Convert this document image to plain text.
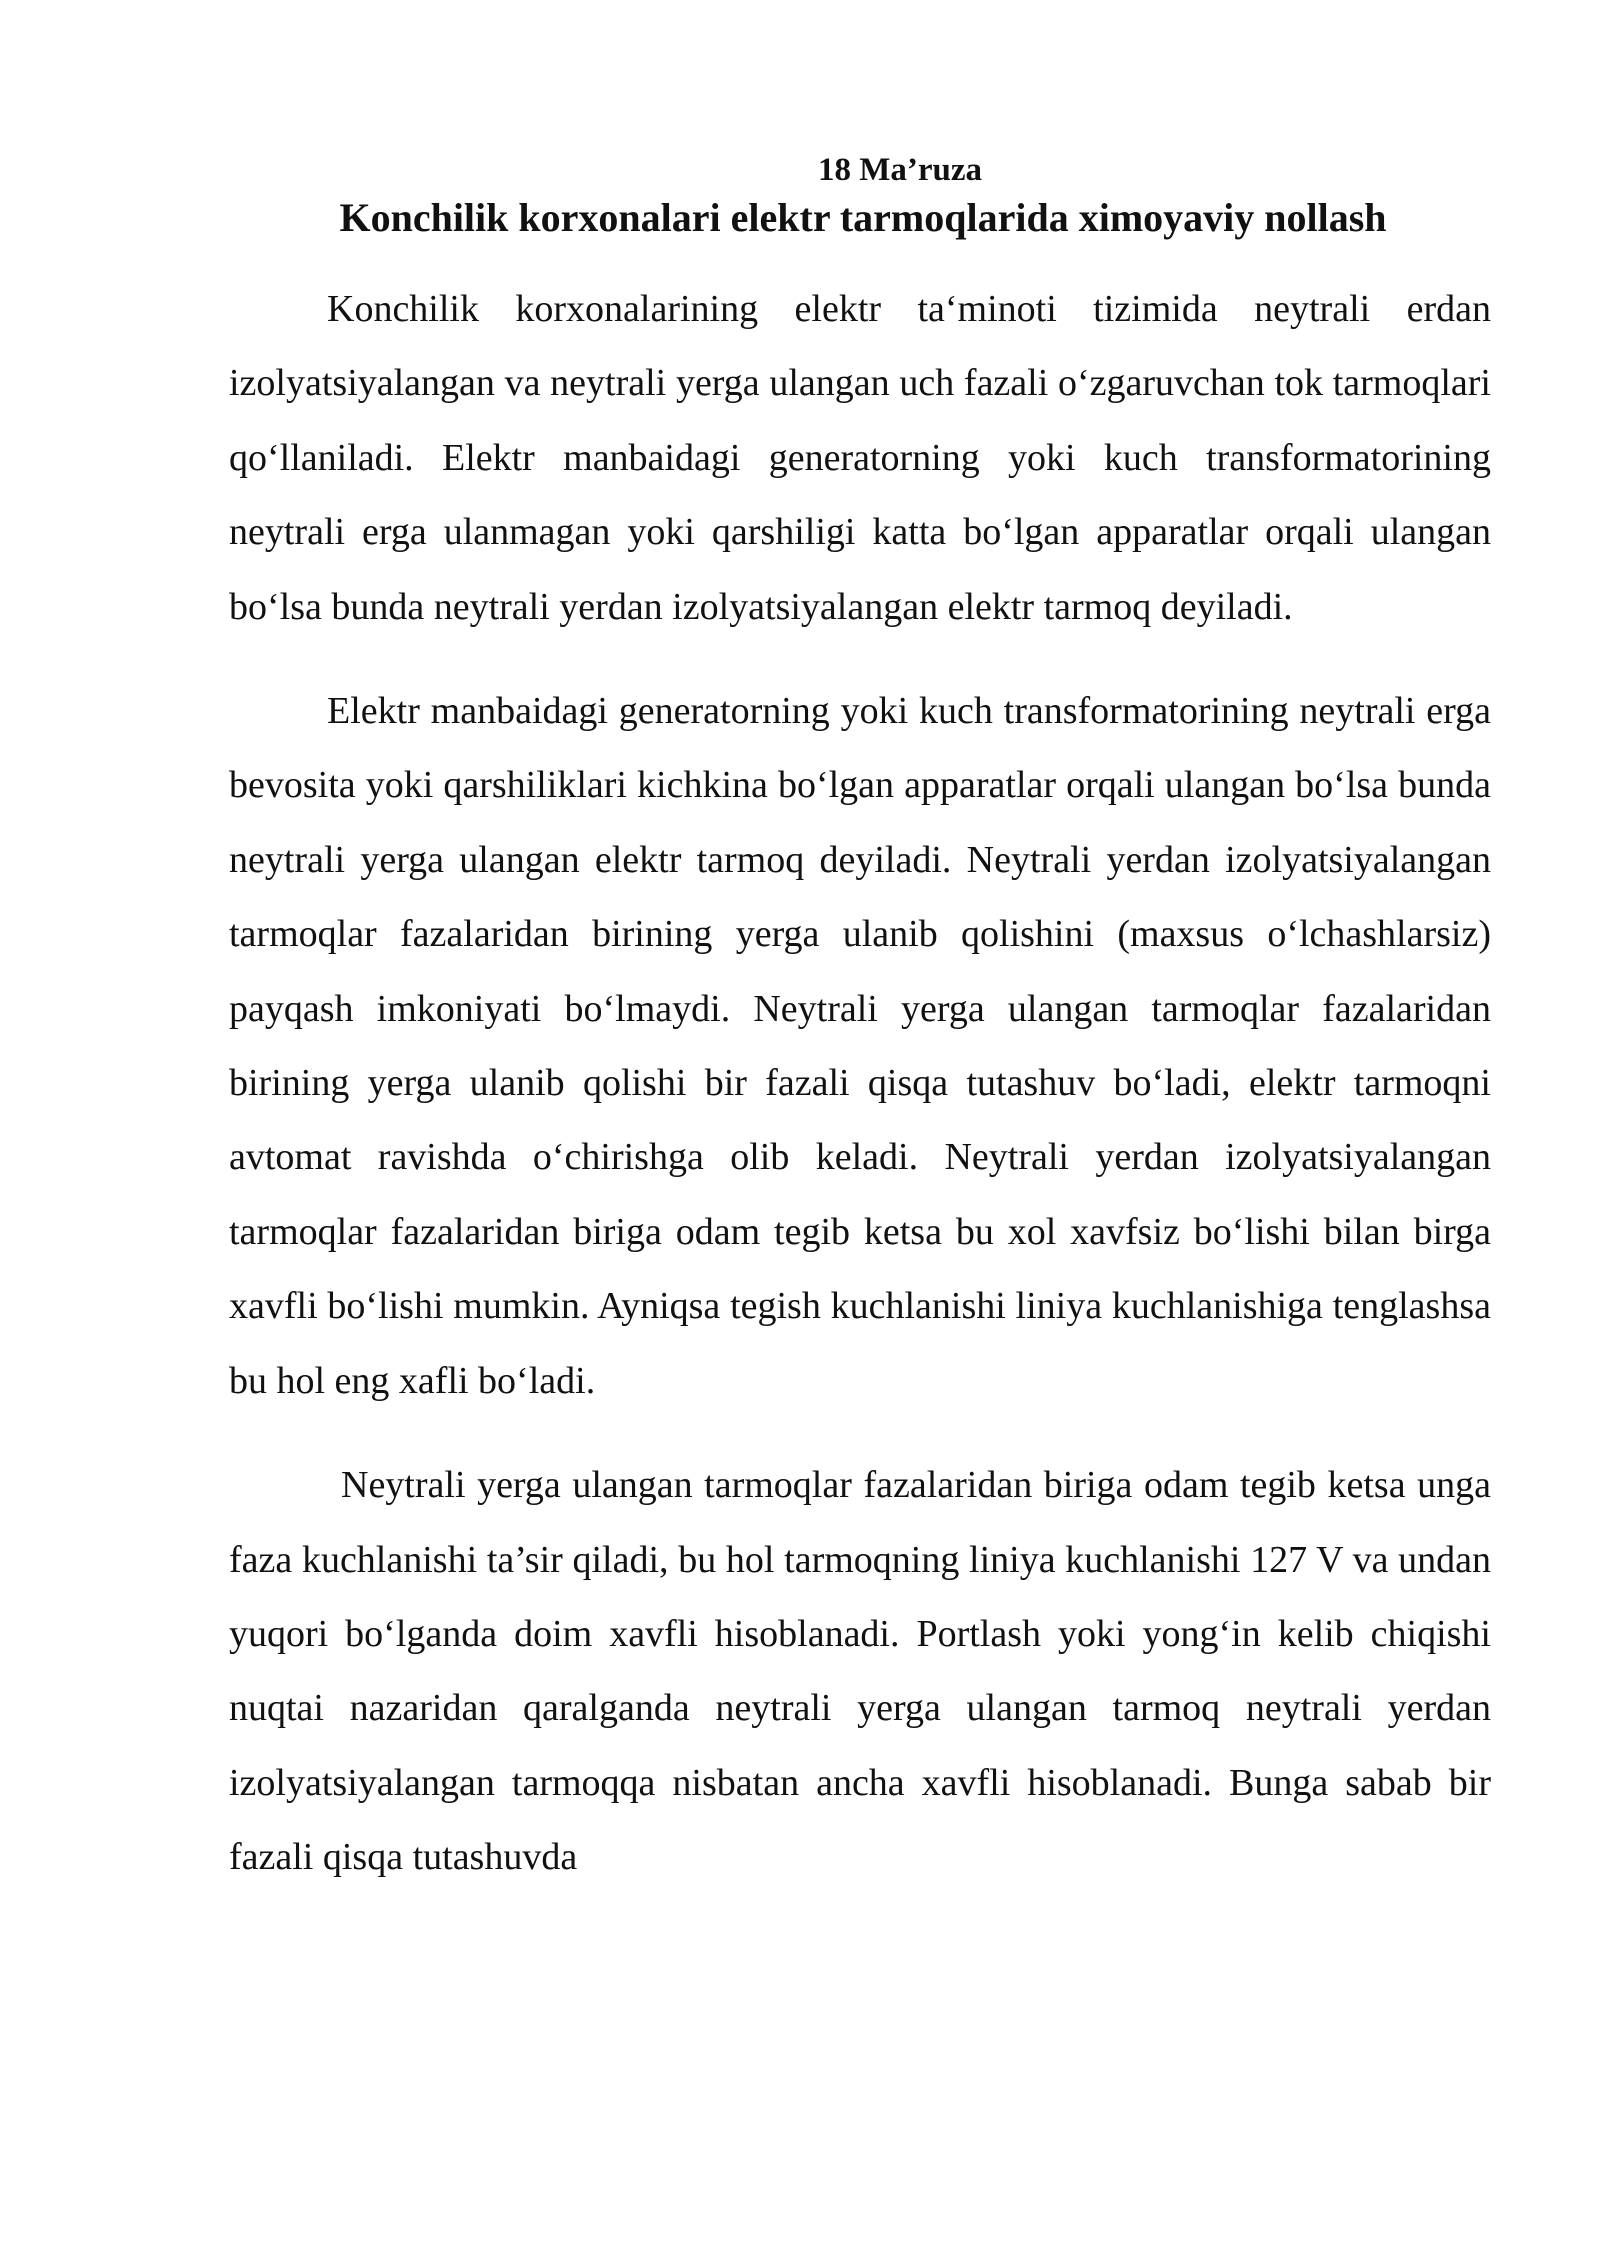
18 Ma’ruza

Konchilik korxonalari elektr tarmoqlarida ximoyaviy nollash

Konchilik korxonalarining elektr ta‘minoti tizimida neytrali erdan izolyatsiyalangan va neytrali yerga ulangan uch fazali o‘zgaruvchan tok tarmoqlari qo‘llaniladi. Elektr manbaidagi generatorning yoki kuch transformatorining neytrali erga ulanmagan yoki qarshiligi katta bo‘lgan apparatlar orqali ulangan bo‘lsa bunda neytrali yerdan izolyatsiyalangan elektr tarmoq deyiladi.

Elektr manbaidagi generatorning yoki kuch transformatorining neytrali erga bevosita yoki qarshiliklari kichkina bo‘lgan apparatlar orqali ulangan bo‘lsa bunda neytrali yerga ulangan elektr tarmoq deyiladi. Neytrali yerdan izolyatsiyalangan tarmoqlar fazalaridan birining yerga ulanib qolishini (maxsus o‘lchashlarsiz) payqash imkoniyati bo‘lmaydi. Neytrali yerga ulangan tarmoqlar fazalaridan birining yerga ulanib qolishi bir fazali qisqa tutashuv bo‘ladi, elektr tarmoqni avtomat ravishda o‘chirishga olib keladi. Neytrali yerdan izolyatsiyalangan tarmoqlar fazalaridan biriga odam tegib ketsa bu xol xavfsiz bo‘lishi bilan birga xavfli bo‘lishi mumkin. Ayniqsa tegish kuchlanishi liniya kuchlanishiga tenglashsa bu hol eng xafli bo‘ladi.

Neytrali yerga ulangan tarmoqlar fazalaridan biriga odam tegib ketsa unga faza kuchlanishi ta’sir qiladi, bu hol tarmoqning liniya kuchlanishi 127 V va undan yuqori bo‘lganda doim xavfli hisoblanadi. Portlash yoki yong‘in kelib chiqishi nuqtai nazaridan qaralganda neytrali yerga ulangan tarmoq neytrali yerdan izolyatsiyalangan tarmoqqa nisbatan ancha xavfli hisoblanadi. Bunga sabab bir fazali qisqa tutashuvda
